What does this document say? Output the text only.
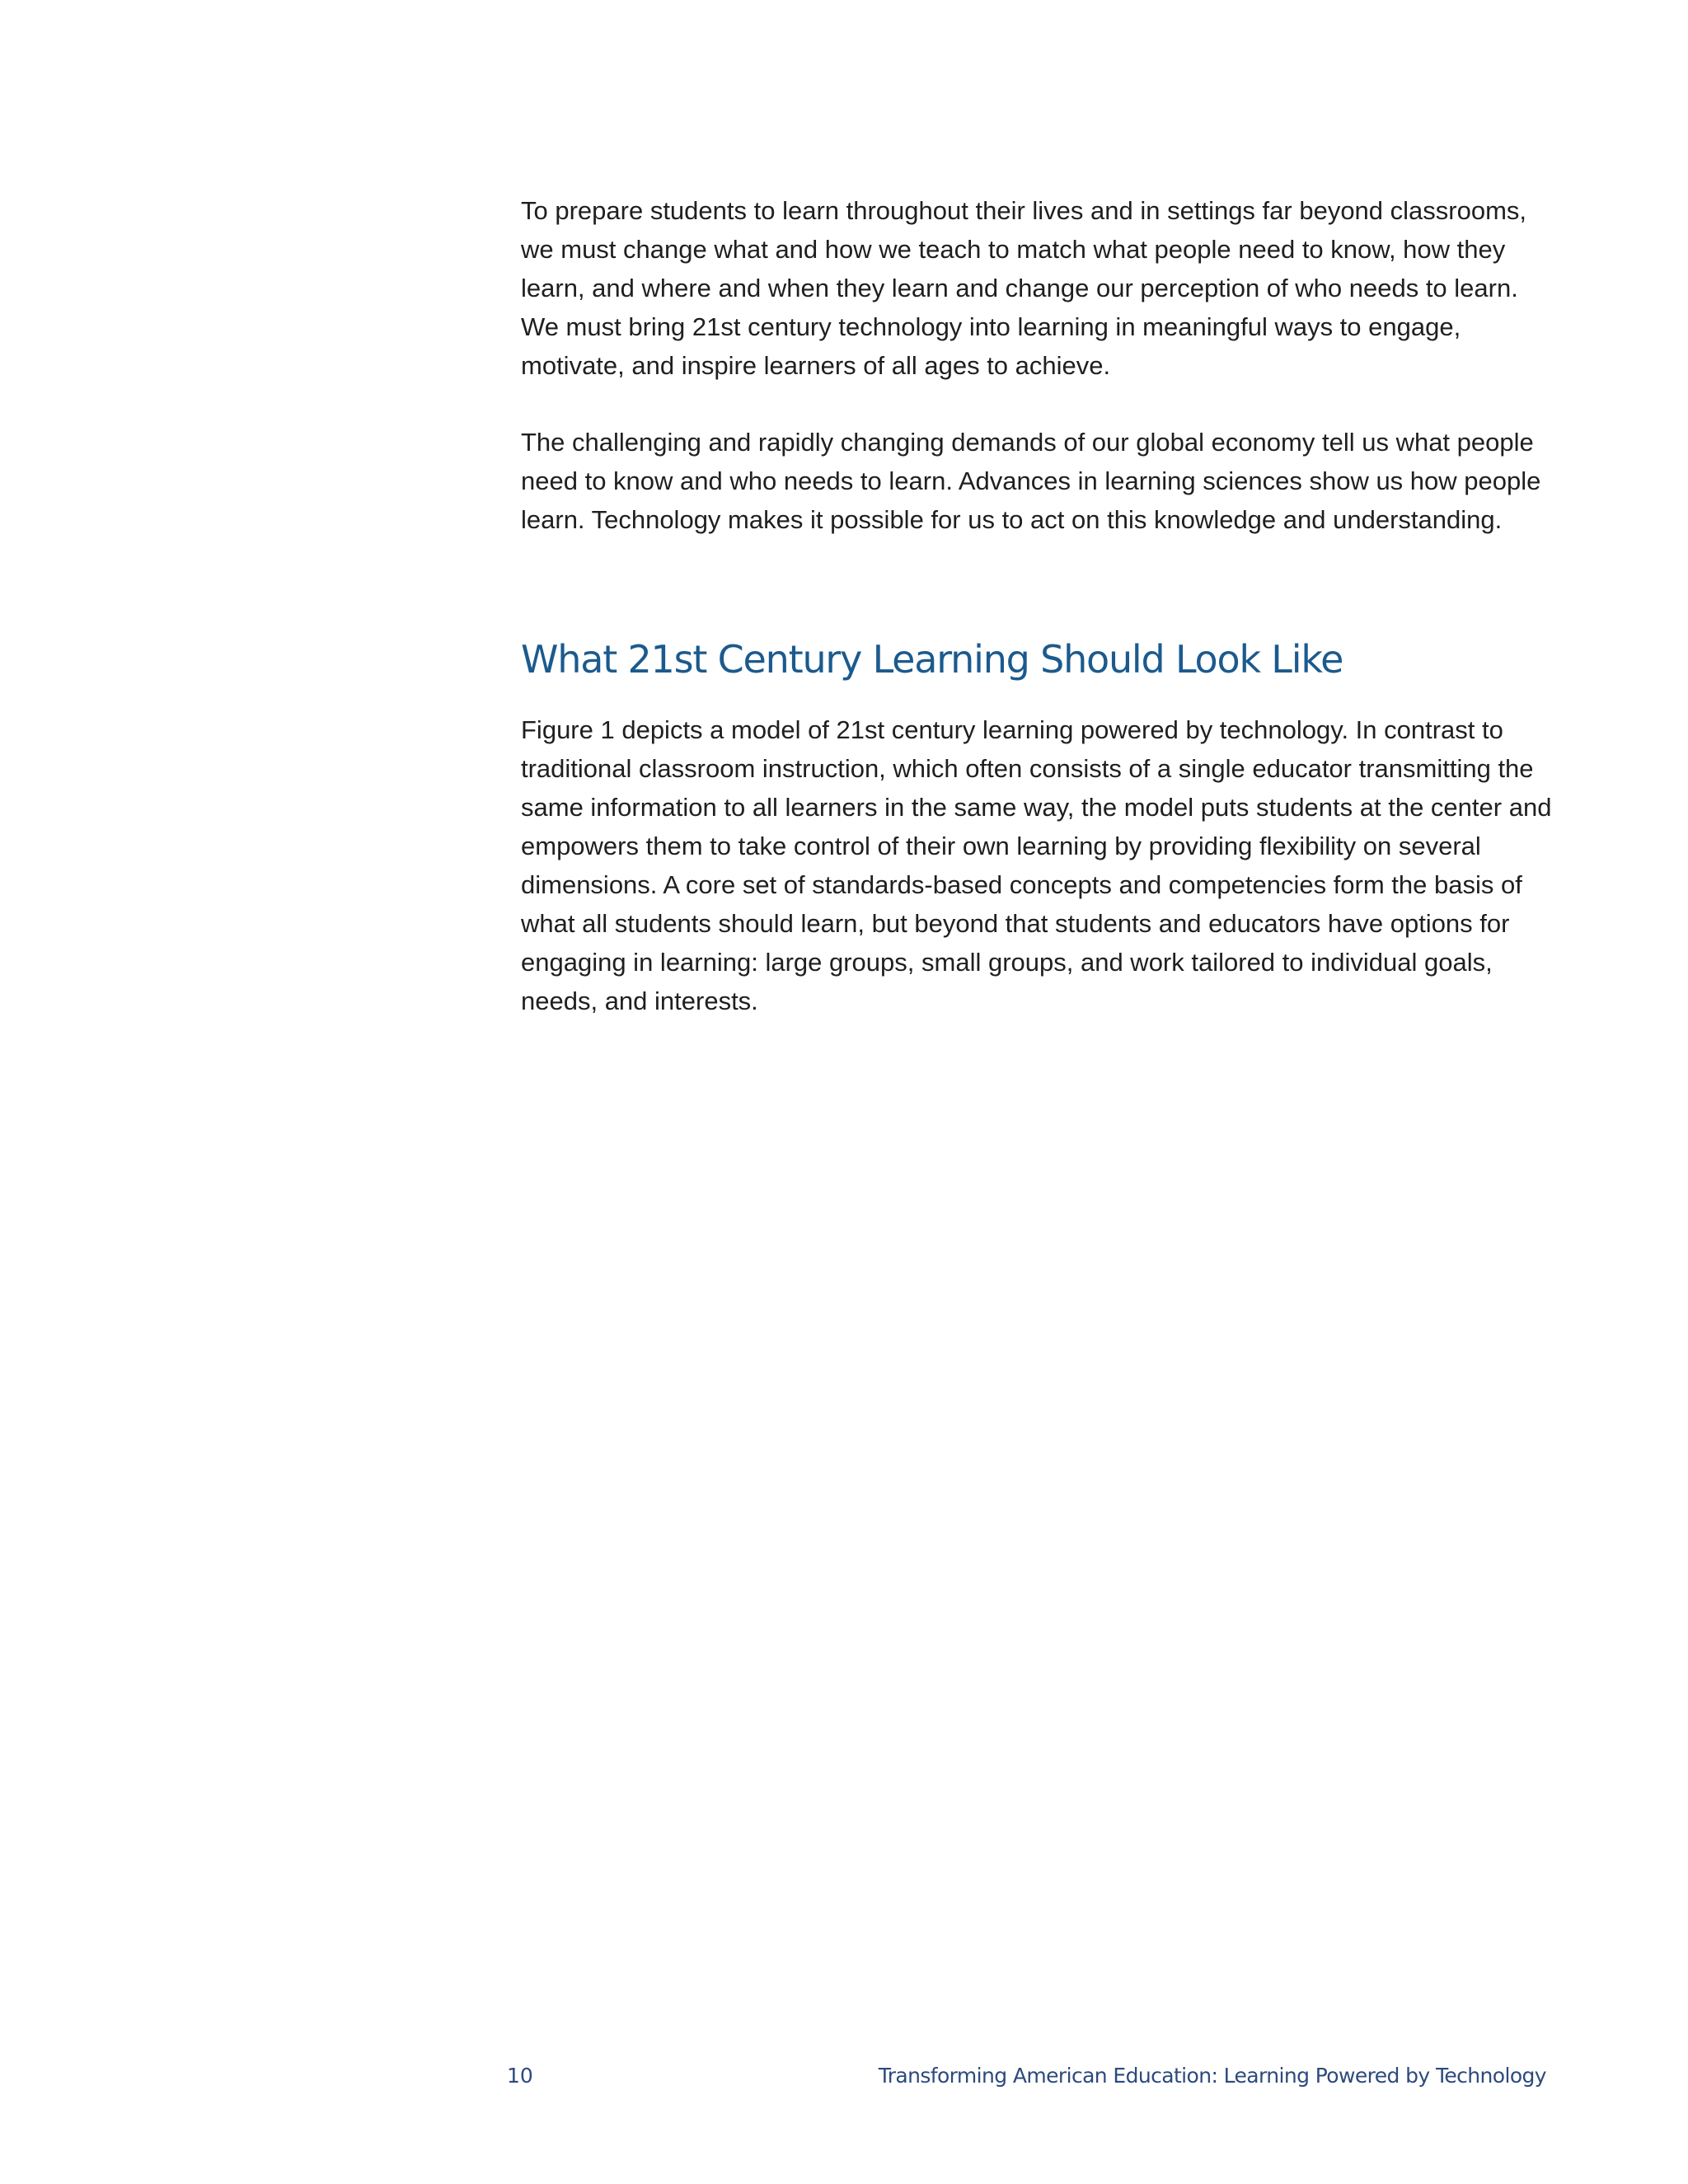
To prepare students to learn throughout their lives and in settings far beyond classrooms, we must change what and how we teach to match what people need to know, how they learn, and where and when they learn and change our perception of who needs to learn. We must bring 21st century technology into learning in meaningful ways to engage, motivate, and inspire learners of all ages to achieve.

The challenging and rapidly changing demands of our global economy tell us what people need to know and who needs to learn. Advances in learning sciences show us how people learn. Technology makes it possible for us to act on this knowledge and understanding.

What 21st Century Learning Should Look Like

Figure 1 depicts a model of 21st century learning powered by technology. In contrast to traditional classroom instruction, which often consists of a single educator transmitting the same information to all learners in the same way, the model puts students at the center and empowers them to take control of their own learning by providing flexibility on several dimensions. A core set of standards-based concepts and competencies form the basis of what all students should learn, but beyond that students and educators have options for engaging in learning: large groups, small groups, and work tailored to individual goals, needs, and interests.

10	Transforming American Education: Learning Powered by Technology
